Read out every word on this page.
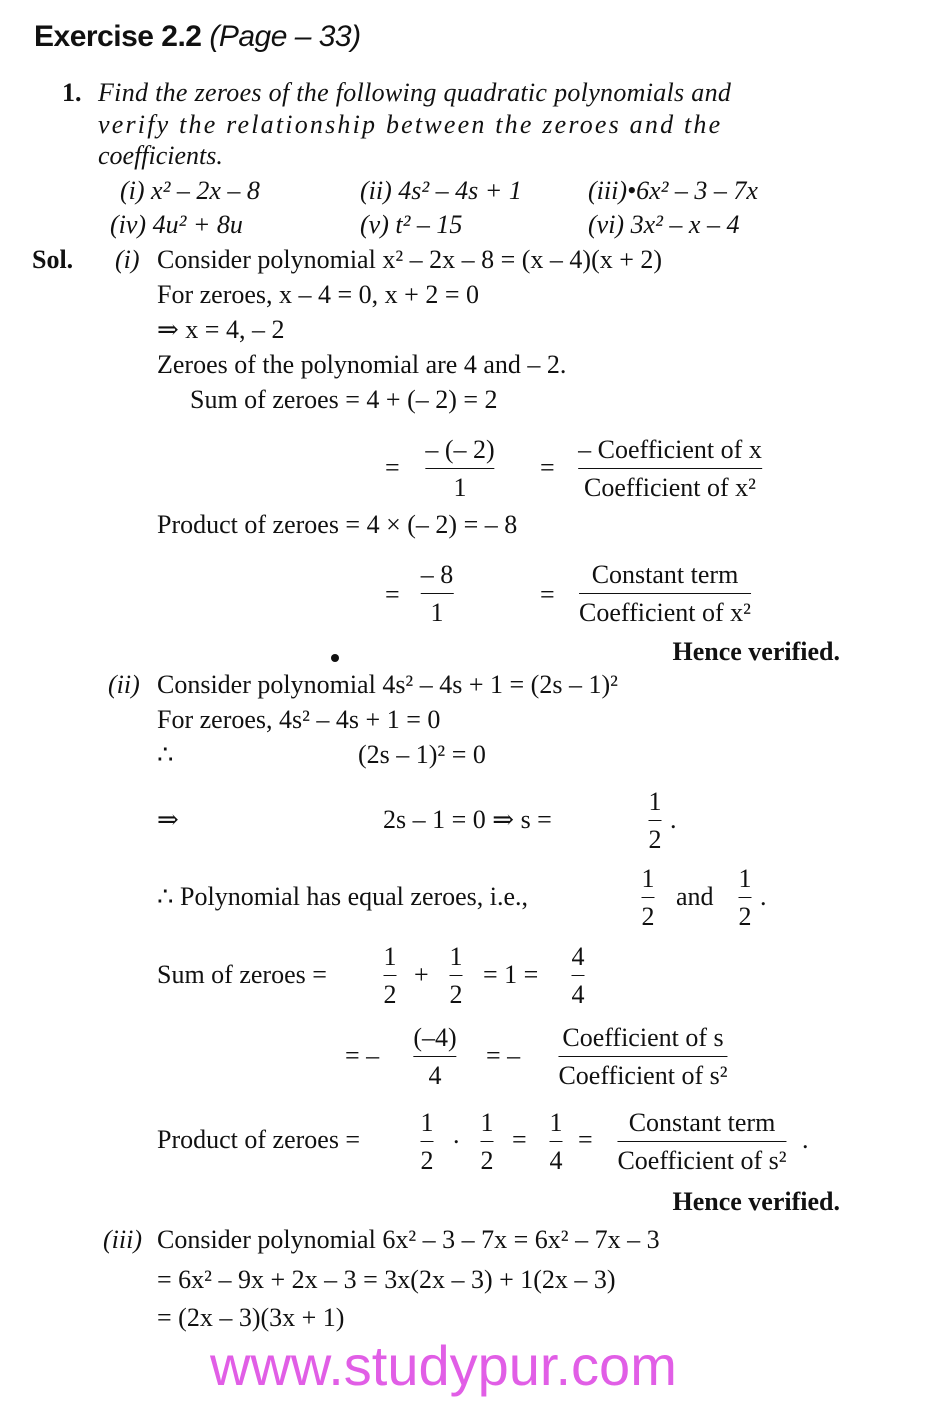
Exercise 2.2 (Page – 33)
1. Find the zeroes of the following quadratic polynomials and
verify the relationship between the zeroes and the
coefficients.
(i) x² – 2x – 8	(ii) 4s² – 4s + 1	(iii)•6x² – 3 – 7x
(iv) 4u² + 8u	(v) t² – 15	(vi) 3x² – x – 4
Sol. (i) Consider polynomial x² – 2x – 8 = (x – 4)(x + 2)
For zeroes, x – 4 = 0, x + 2 = 0
⇒ x = 4, – 2
Zeroes of the polynomial are 4 and – 2.
Sum of zeroes = 4 + (– 2) = 2
=
– (– 2)
1
=
– Coefficient of x
Coefficient of x²
Product of zeroes = 4 × (– 2) = – 8
=
– 8
1
=
Constant term
Coefficient of x²
Hence verified.
(ii) Consider polynomial 4s² – 4s + 1 = (2s – 1)²
For zeroes, 4s² – 4s + 1 = 0
∴	(2s – 1)² = 0
⇒	2s – 1 = 0 ⇒ s =
1
2
.
∴ Polynomial has equal zeroes, i.e.,
1
2
and
1
2
.
Sum of zeroes =
1
2
+
1
2
= 1 =
4
4
= –
(–4)
4
= –
Coefficient of s
Coefficient of s²
Product of zeroes =
1
2
. 1
2
=
1
4
=
Constant term
Coefficient of s²
.
Hence verified.
(iii) Consider polynomial 6x² – 3 – 7x = 6x² – 7x – 3
= 6x² – 9x + 2x – 3 = 3x(2x – 3) + 1(2x – 3)
= (2x – 3)(3x + 1)
www.studypur.com
